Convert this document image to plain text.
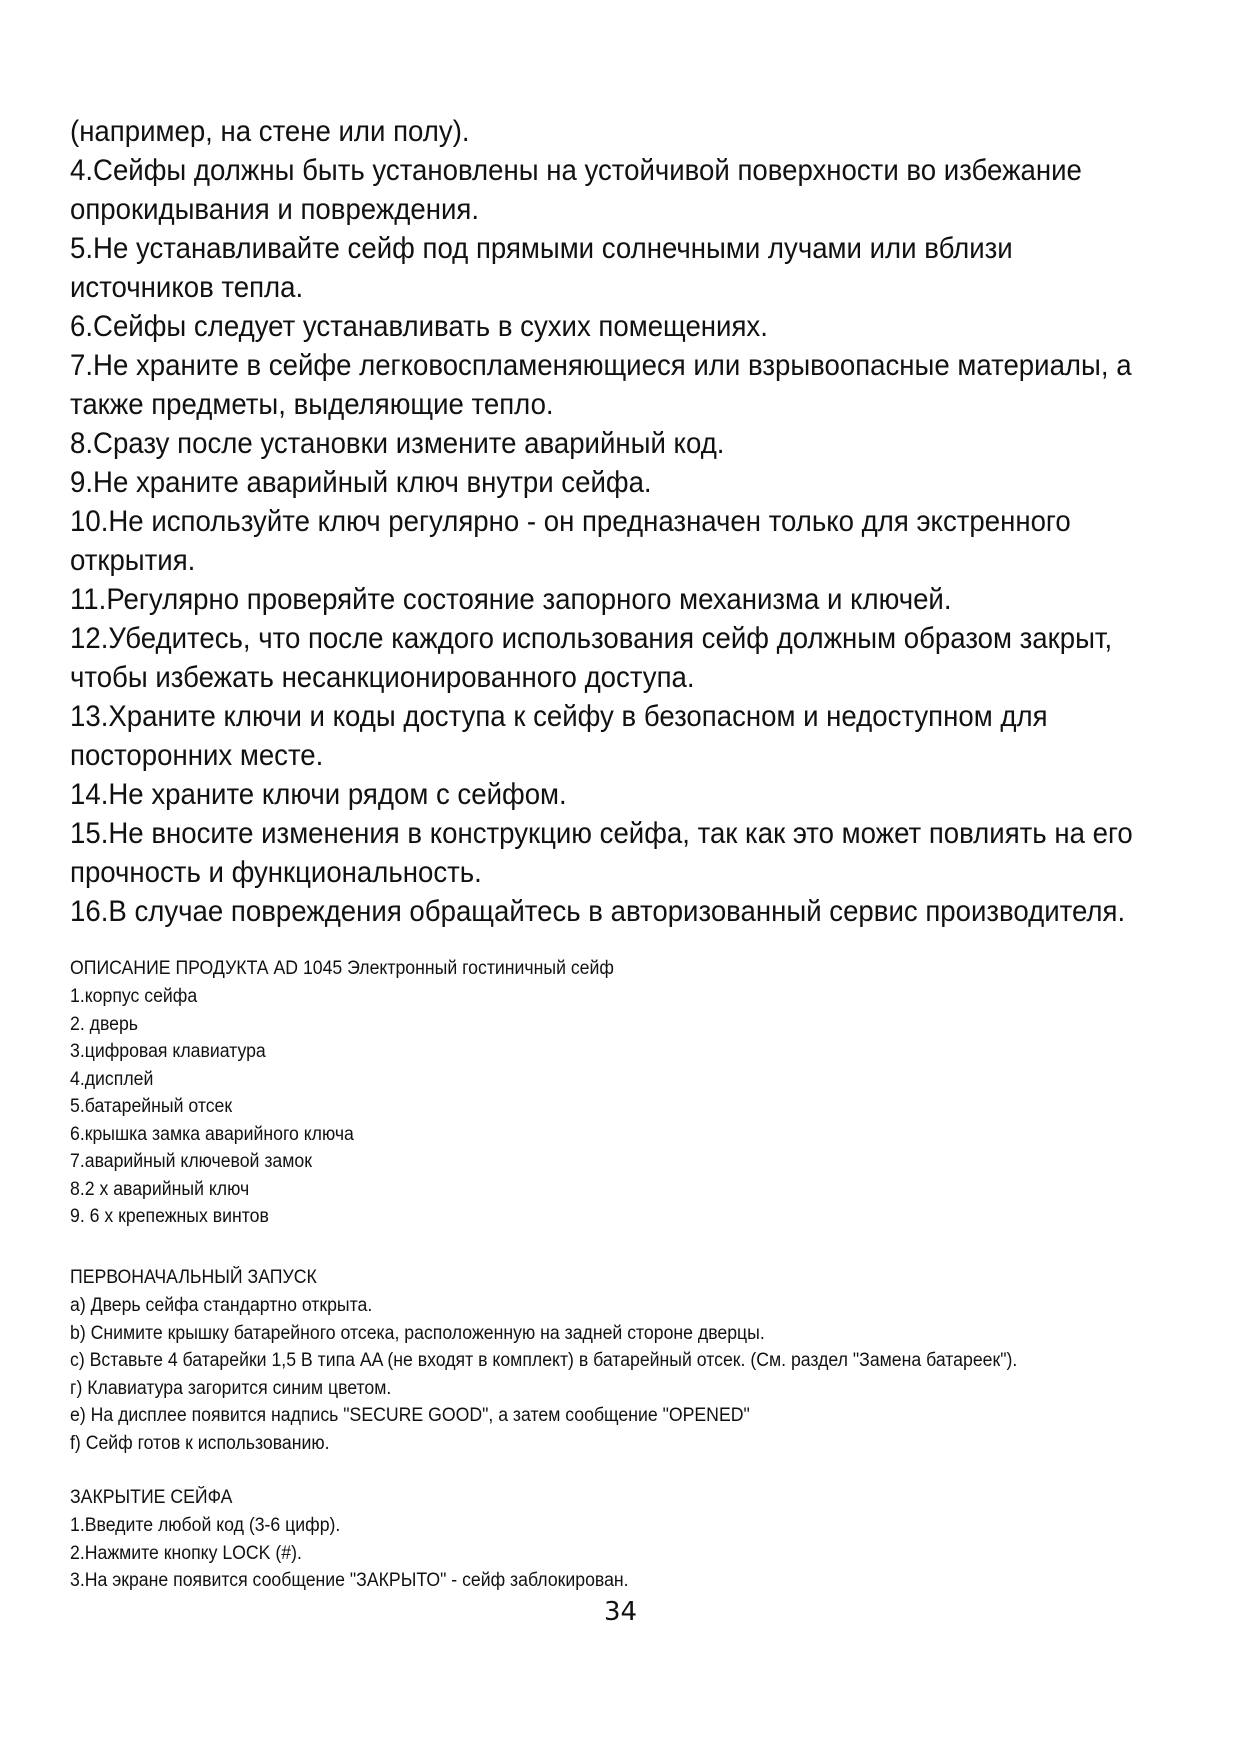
(например, на стене или полу).
4.Сейфы должны быть установлены на устойчивой поверхности во избежание
опрокидывания и повреждения.
5.Не устанавливайте сейф под прямыми солнечными лучами или вблизи
источников тепла.
6.Сейфы следует устанавливать в сухих помещениях.
7.Не храните в сейфе легковоспламеняющиеся или взрывоопасные материалы, а
также предметы, выделяющие тепло.
8.Сразу после установки измените аварийный код.
9.Не храните аварийный ключ внутри сейфа.
10.Не используйте ключ регулярно - он предназначен только для экстренного
открытия.
11.Регулярно проверяйте состояние запорного механизма и ключей.
12.Убедитесь, что после каждого использования сейф должным образом закрыт,
чтобы избежать несанкционированного доступа.
13.Храните ключи и коды доступа к сейфу в безопасном и недоступном для
посторонних месте.
14.Не храните ключи рядом с сейфом.
15.Не вносите изменения в конструкцию сейфа, так как это может повлиять на его
прочность и функциональность.
16.В случае повреждения обращайтесь в авторизованный сервис производителя.
ОПИСАНИЕ ПРОДУКТА AD 1045 Электронный гостиничный сейф
1.корпус сейфа
2. дверь
3.цифровая клавиатура
4.дисплей
5.батарейный отсек
6.крышка замка аварийного ключа
7.аварийный ключевой замок
8.2 х аварийный ключ
9. 6 х крепежных винтов
ПЕРВОНАЧАЛЬНЫЙ ЗАПУСК
a) Дверь сейфа стандартно открыта.
b) Снимите крышку батарейного отсека, расположенную на задней стороне дверцы.
c) Вставьте 4 батарейки 1,5 В типа AA (не входят в комплект) в батарейный отсек. (См. раздел "Замена батареек").
г) Клавиатура загорится синим цветом.
e) На дисплее появится надпись "SECURE GOOD", а затем сообщение "OPENED"
f) Сейф готов к использованию.
ЗАКРЫТИЕ СЕЙФА
1.Введите любой код (3-6 цифр).
2.Нажмите кнопку LOCK (#).
3.На экране появится сообщение "ЗАКРЫТО" - сейф заблокирован.
34
